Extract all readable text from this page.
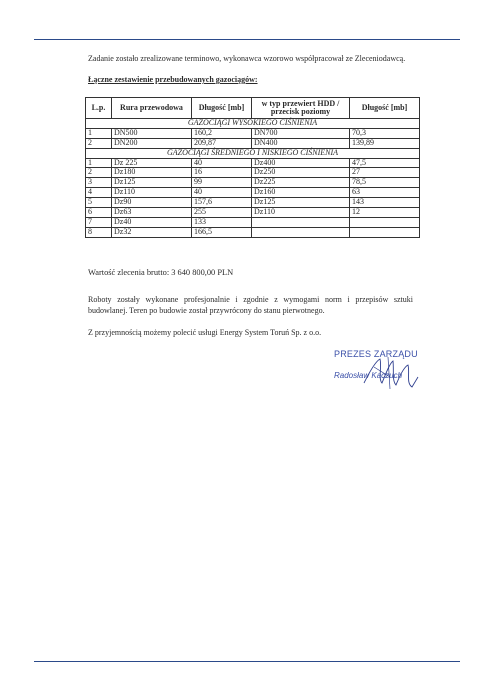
Zadanie zostało zrealizowane terminowo, wykonawca wzorowo współpracował ze Zleceniodawcą.
Łączne zestawienie przebudowanych gazociągów:
L.p.	Rura przewodowa	Długość [mb]	w typ przewiert HDD / przecisk poziomy	Długość [mb]
GAZOCIĄGI WYSOKIEGO CIŚNIENIA				
1	DN500	160,2	DN700	70,3
2	DN200	209,87	DN400	139,89
GAZOCIĄGI ŚREDNIEGO I NISKIEGO CIŚNIENIA				
1	Dz 225	40	Dz400	47,5
2	Dz180	16	Dz250	27
3	Dz125	99	Dz225	78,5
4	Dz110	40	Dz160	63
5	Dz90	157,6	Dz125	143
6	Dz63	255	Dz110	12
7	Dz40	133		
8	Dz32	166,5		
Wartość zlecenia brutto: 3 640 800,00 PLN
Roboty zostały wykonane profesjonalnie i zgodnie z wymogami norm i przepisów sztuki budowlanej. Teren po budowie został przywrócony do stanu pierwotnego.
Z przyjemnością możemy polecić usługi Energy System Toruń Sp. z o.o.
PREZES ZARZĄDU
Radosław Kaczuch
